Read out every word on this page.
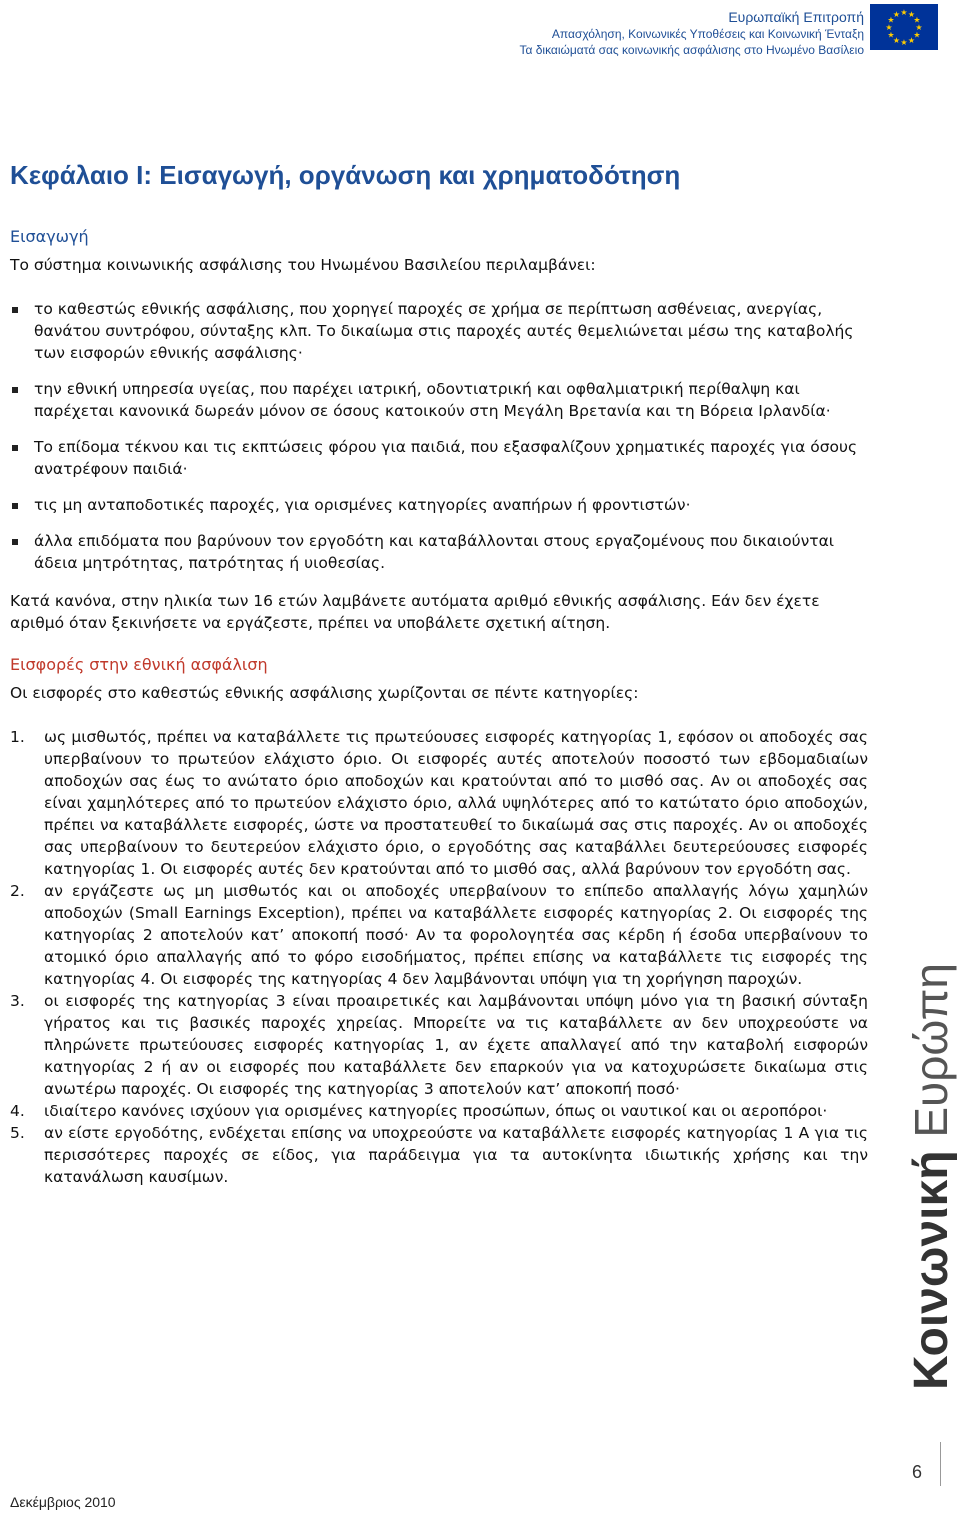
Ευρωπαϊκή Επιτροπή
Απασχόληση, Κοινωνικές Υποθέσεις και Κοινωνική Ένταξη
Τα δικαιώματά σας κοινωνικής ασφάλισης στο Ηνωμένο Βασίλειο
★ ★
★
★
★
★
★
★
★
★
★
★
Κεφάλαιο I: Εισαγωγή, οργάνωση και χρηματοδότηση
Εισαγωγή

Το σύστημα κοινωνικής ασφάλισης του Ηνωμένου Βασιλείου περιλαμβάνει:

το καθεστώς εθνικής ασφάλισης, που χορηγεί παροχές σε χρήμα σε περίπτωση ασθένειας, ανεργίας, θανάτου συντρόφου, σύνταξης κλπ. Το δικαίωμα στις παροχές αυτές θεμελιώνεται μέσω της καταβολής των εισφορών εθνικής ασφάλισης·
την εθνική υπηρεσία υγείας, που παρέχει ιατρική, οδοντιατρική και οφθαλμιατρική περίθαλψη και παρέχεται κανονικά δωρεάν μόνον σε όσους κατοικούν στη Μεγάλη Βρετανία και τη Βόρεια Ιρλανδία·
Το επίδομα τέκνου και τις εκπτώσεις φόρου για παιδιά, που εξασφαλίζουν χρηματικές παροχές για όσους ανατρέφουν παιδιά·
τις μη ανταποδοτικές παροχές, για ορισμένες κατηγορίες αναπήρων ή φροντιστών·
άλλα επιδόματα που βαρύνουν τον εργοδότη και καταβάλλονται στους εργαζομένους που δικαιούνται άδεια μητρότητας, πατρότητας ή υιοθεσίας.

Κατά κανόνα, στην ηλικία των 16 ετών λαμβάνετε αυτόματα αριθμό εθνικής ασφάλισης. Εάν δεν έχετε αριθμό όταν ξεκινήσετε να εργάζεστε, πρέπει να υποβάλετε σχετική αίτηση.

Εισφορές στην εθνική ασφάλιση

Οι εισφορές στο καθεστώς εθνικής ασφάλισης χωρίζονται σε πέντε κατηγορίες:

1. ως μισθωτός, πρέπει να καταβάλλετε τις πρωτεύουσες εισφορές κατηγορίας 1, εφόσον οι αποδοχές σας υπερβαίνουν το πρωτεύον ελάχιστο όριο. Οι εισφορές αυτές αποτελούν ποσοστό των εβδομαδιαίων αποδοχών σας έως το ανώτατο όριο αποδοχών και κρατούνται από το μισθό σας. Αν οι αποδοχές σας είναι χαμηλότερες από το πρωτεύον ελάχιστο όριο, αλλά υψηλότερες από το κατώτατο όριο αποδοχών, πρέπει να καταβάλλετε εισφορές, ώστε να προστατευθεί το δικαίωμά σας στις παροχές. Αν οι αποδοχές σας υπερβαίνουν το δευτερεύον ελάχιστο όριο, ο εργοδότης σας καταβάλλει δευτερεύουσες εισφορές κατηγορίας 1. Οι εισφορές αυτές δεν κρατούνται από το μισθό σας, αλλά βαρύνουν τον εργοδότη σας.
2. αν εργάζεστε ως μη μισθωτός και οι αποδοχές υπερβαίνουν το επίπεδο απαλλαγής λόγω χαμηλών αποδοχών (Small Earnings Exception), πρέπει να καταβάλλετε εισφορές κατηγορίας 2. Οι εισφορές της κατηγορίας 2 αποτελούν κατ’ αποκοπή ποσό· Αν τα φορολογητέα σας κέρδη ή έσοδα υπερβαίνουν το ατομικό όριο απαλλαγής από το φόρο εισοδήματος, πρέπει επίσης να καταβάλλετε τις εισφορές της κατηγορίας 4. Οι εισφορές της κατηγορίας 4 δεν λαμβάνονται υπόψη για τη χορήγηση παροχών.
3. οι εισφορές της κατηγορίας 3 είναι προαιρετικές και λαμβάνονται υπόψη μόνο για τη βασική σύνταξη γήρατος και τις βασικές παροχές χηρείας. Μπορείτε να τις καταβάλλετε αν δεν υποχρεούστε να πληρώνετε πρωτεύουσες εισφορές κατηγορίας 1, αν έχετε απαλλαγεί από την καταβολή εισφορών κατηγορίας 2 ή αν οι εισφορές που καταβάλλετε δεν επαρκούν για να κατοχυρώσετε δικαίωμα στις ανωτέρω παροχές. Οι εισφορές της κατηγορίας 3 αποτελούν κατ’ αποκοπή ποσό·
4. ιδιαίτερο κανόνες ισχύουν για ορισμένες κατηγορίες προσώπων, όπως οι ναυτικοί και οι αεροπόροι·
5. αν είστε εργοδότης, ενδέχεται επίσης να υποχρεούστε να καταβάλλετε εισφορές κατηγορίας 1 Α για τις περισσότερες παροχές σε είδος, για παράδειγμα για τα αυτοκίνητα ιδιωτικής χρήσης και την κατανάλωση καυσίμων.	Κοινωνική Ευρώπη
6
Δεκέμβριος 2010
